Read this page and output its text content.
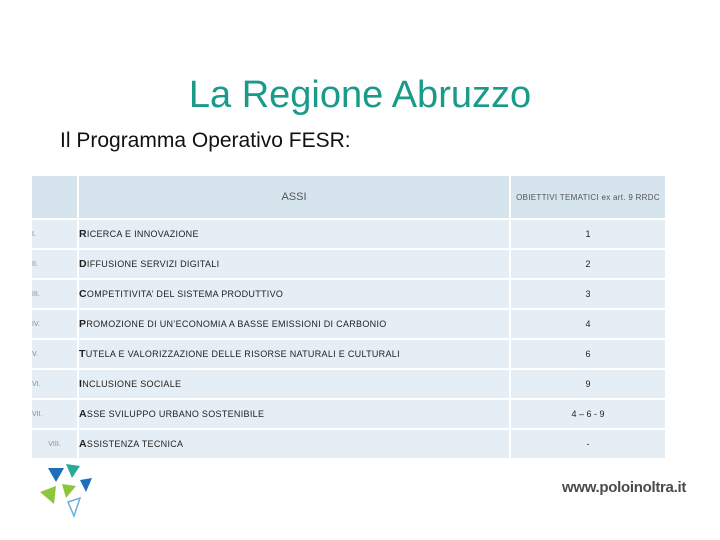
La Regione Abruzzo
Il Programma Operativo FESR:
	ASSI	OBIETTIVI TEMATICI ex art. 9 RRDC
I.	RICERCA E INNOVAZIONE	1
II.	DIFFUSIONE SERVIZI DIGITALI	2
III.	COMPETITIVITA’ DEL SISTEMA PRODUTTIVO	3
IV.	PROMOZIONE DI UN’ECONOMIA A BASSE EMISSIONI DI CARBONIO	4
V.	TUTELA E VALORIZZAZIONE DELLE RISORSE NATURALI E CULTURALI	6
VI.	INCLUSIONE SOCIALE	9
VII.	ASSE SVILUPPO URBANO SOSTENIBILE	4 – 6 - 9
VIII.	ASSISTENZA TECNICA	-
www.poloinoltra.it
